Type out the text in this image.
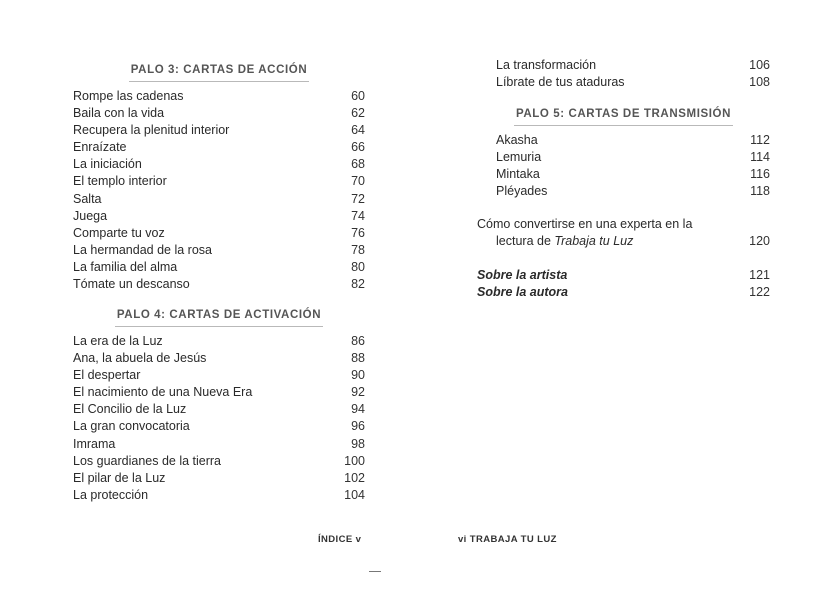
PALO 3: CARTAS DE ACCIÓN
Rompe las cadenas	60
Baila con la vida	62
Recupera la plenitud interior	64
Enraízate	66
La iniciación	68
El templo interior	70
Salta	72
Juega	74
Comparte tu voz	76
La hermandad de la rosa	78
La familia del alma	80
Tómate un descanso	82
PALO 4: CARTAS DE ACTIVACIÓN
La era de la Luz	86
Ana, la abuela de Jesús	88
El despertar	90
El nacimiento de una Nueva Era	92
El Concilio de la Luz	94
La gran convocatoria	96
Imrama	98
Los guardianes de la tierra	100
El pilar de la Luz	102
La protección	104
ÍNDICE v
La transformación	106
Líbrate de tus ataduras	108
PALO 5: CARTAS DE TRANSMISIÓN
Akasha	112
Lemuria	114
Mintaka	116
Pléyades	118
Cómo convertirse en una experta en la
lectura de Trabaja tu Luz	120
Sobre la artista	121
Sobre la autora	122
vi TRABAJA TU LUZ
